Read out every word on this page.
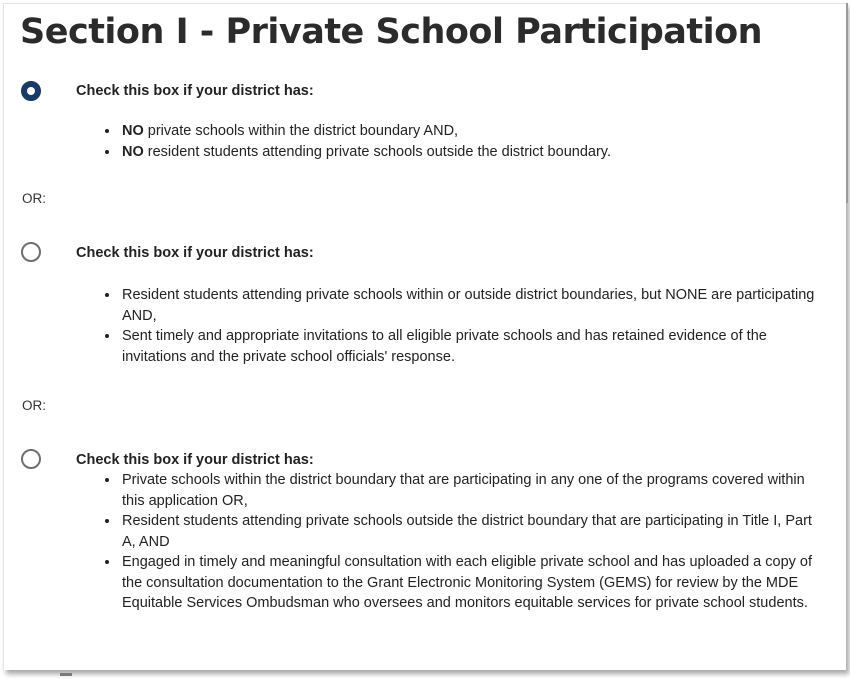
Section I - Private School Participation
Check this box if your district has:
• NO private schools within the district boundary AND,
• NO resident students attending private schools outside the district boundary.
OR:
Check this box if your district has:
• Resident students attending private schools within or outside district boundaries, but NONE are participating AND,
• Sent timely and appropriate invitations to all eligible private schools and has retained evidence of the invitations and the private school officials' response.
OR:
Check this box if your district has:
• Private schools within the district boundary that are participating in any one of the programs covered within this application OR,
• Resident students attending private schools outside the district boundary that are participating in Title I, Part A, AND
• Engaged in timely and meaningful consultation with each eligible private school and has uploaded a copy of the consultation documentation to the Grant Electronic Monitoring System (GEMS) for review by the MDE Equitable Services Ombudsman who oversees and monitors equitable services for private school students.
